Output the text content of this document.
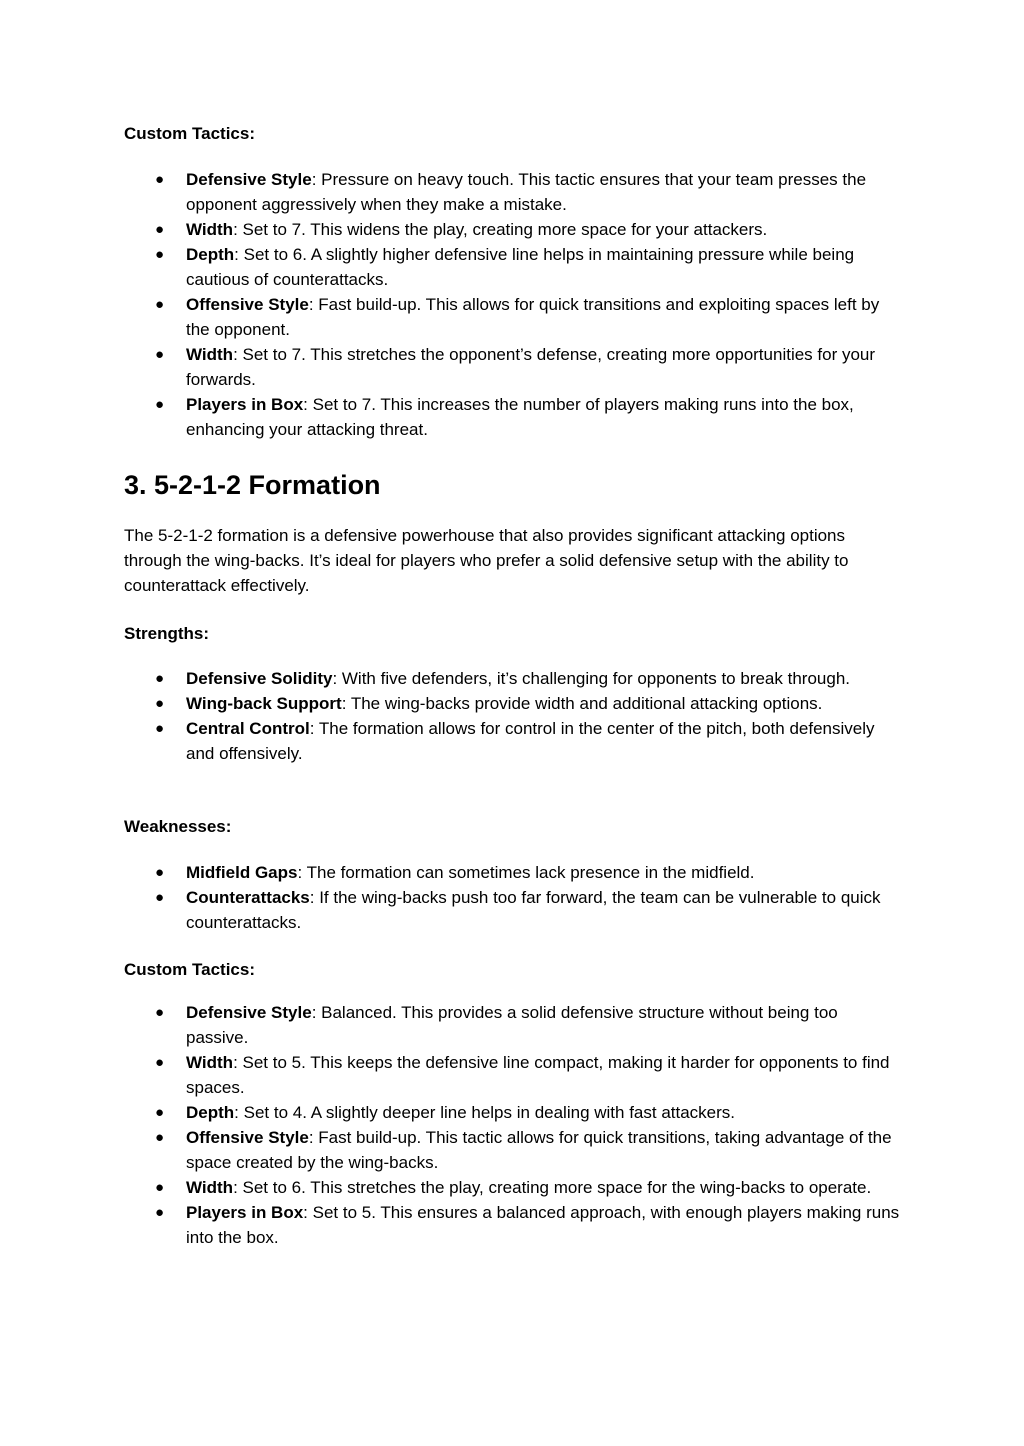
Custom Tactics:
● Defensive Style: Pressure on heavy touch. This tactic ensures that your team presses the opponent aggressively when they make a mistake.
● Width: Set to 7. This widens the play, creating more space for your attackers.
● Depth: Set to 6. A slightly higher defensive line helps in maintaining pressure while being cautious of counterattacks.
● Offensive Style: Fast build-up. This allows for quick transitions and exploiting spaces left by the opponent.
● Width: Set to 7. This stretches the opponent’s defense, creating more opportunities for your forwards.
● Players in Box: Set to 7. This increases the number of players making runs into the box, enhancing your attacking threat.
3. 5-2-1-2 Formation
The 5-2-1-2 formation is a defensive powerhouse that also provides significant attacking options through the wing-backs. It’s ideal for players who prefer a solid defensive setup with the ability to counterattack effectively.
Strengths:
● Defensive Solidity: With five defenders, it’s challenging for opponents to break through.
● Wing-back Support: The wing-backs provide width and additional attacking options.
● Central Control: The formation allows for control in the center of the pitch, both defensively and offensively.
Weaknesses:
● Midfield Gaps: The formation can sometimes lack presence in the midfield.
● Counterattacks: If the wing-backs push too far forward, the team can be vulnerable to quick counterattacks.
Custom Tactics:
● Defensive Style: Balanced. This provides a solid defensive structure without being too passive.
● Width: Set to 5. This keeps the defensive line compact, making it harder for opponents to find spaces.
● Depth: Set to 4. A slightly deeper line helps in dealing with fast attackers.
● Offensive Style: Fast build-up. This tactic allows for quick transitions, taking advantage of the space created by the wing-backs.
● Width: Set to 6. This stretches the play, creating more space for the wing-backs to operate.
● Players in Box: Set to 5. This ensures a balanced approach, with enough players making runs into the box.
